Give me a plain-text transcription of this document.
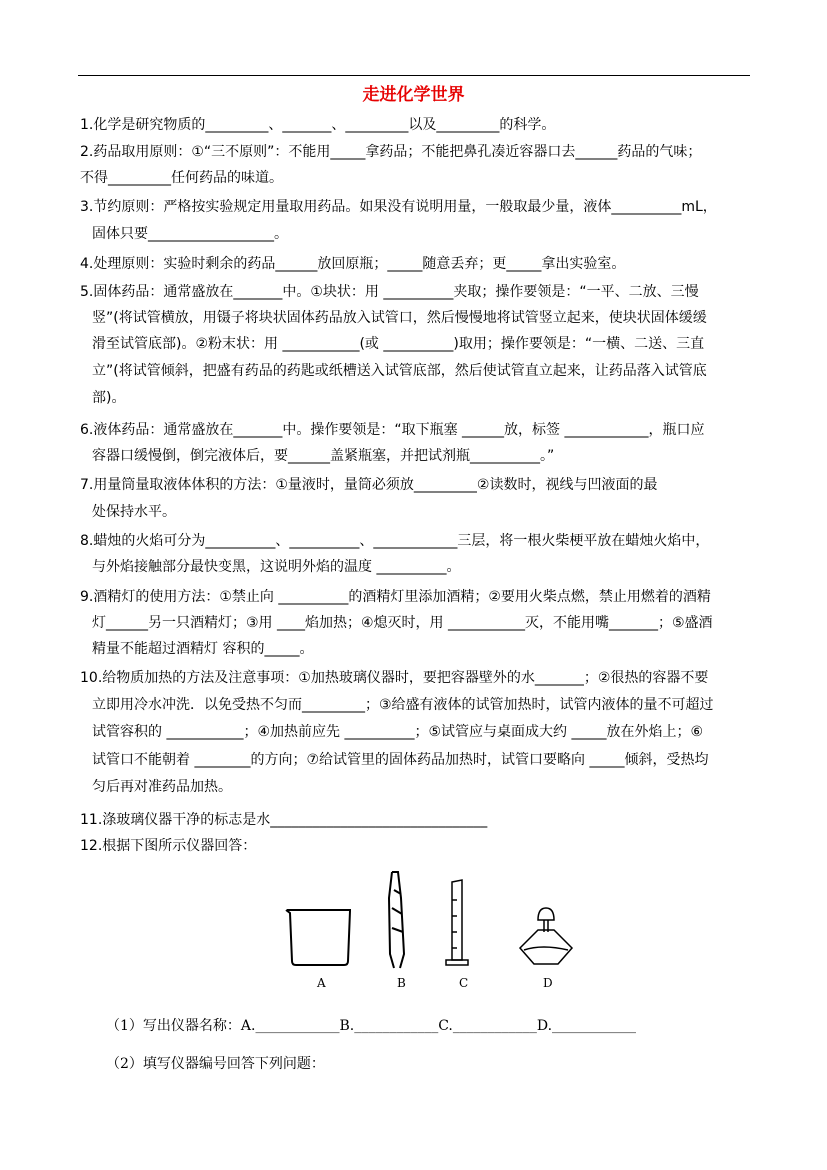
走进化学世界
1.化学是研究物质的_________、_______、_________以及_________的科学。
2.药品取用原则：①“三不原则”：不能用_____拿药品；不能把鼻孔凑近容器口去______药品的气味；
不得_________任何药品的味道。
3.节约原则：严格按实验规定用量取用药品。如果没有说明用量，一般取最少量，液体__________mL，
固体只要__________________。
4.处理原则：实验时剩余的药品______放回原瓶；_____随意丢弃；更_____拿出实验室。
5.固体药品：通常盛放在_______中。①块状：用 __________夹取；操作要领是：“一平、二放、三慢
竖”(将试管横放，用镊子将块状固体药品放入试管口，然后慢慢地将试管竖立起来，使块状固体缓缓
滑至试管底部)。②粉末状：用 ___________(或 __________)取用；操作要领是：“一横、二送、三直
立”(将试管倾斜，把盛有药品的药匙或纸槽送入试管底部，然后使试管直立起来，让药品落入试管底
部)。
6.液体药品：通常盛放在_______中。操作要领是：“取下瓶塞 ______放，标签 ____________，瓶口应
容器口缓慢倒，倒完液体后，要______盖紧瓶塞，并把试剂瓶__________。”
7.用量筒量取液体体积的方法：①量液时，量筒必须放_________②读数时，视线与凹液面的最
处保持水平。
8.蜡烛的火焰可分为__________、__________、____________三层，将一根火柴梗平放在蜡烛火焰中，
与外焰接触部分最快变黑，这说明外焰的温度 __________。
9.酒精灯的使用方法：①禁止向 __________的酒精灯里添加酒精；②要用火柴点燃，禁止用燃着的酒精
灯______另一只酒精灯；③用 ____焰加热；④熄灭时，用 ___________灭，不能用嘴_______；⑤盛酒
精量不能超过酒精灯 容积的_____。
10.给物质加热的方法及注意事项：①加热玻璃仪器时，要把容器壁外的水_______；②很热的容器不要
立即用冷水冲洗．以免受热不匀而_________；③给盛有液体的试管加热时，试管内液体的量不可超过
试管容积的 ___________；④加热前应先 __________；⑤试管应与桌面成大约 _____放在外焰上；⑥
试管口不能朝着 ________的方向；⑦给试管里的固体药品加热时，试管口要略向 _____倾斜，受热均
匀后再对准药品加热。
11.涤玻璃仪器干净的标志是水_______________________________
12.根据下图所示仪器回答：
A	B	C	D
（1）写出仪器名称：A.____________B.____________C.____________D.____________
（2）填写仪器编号回答下列问题：
